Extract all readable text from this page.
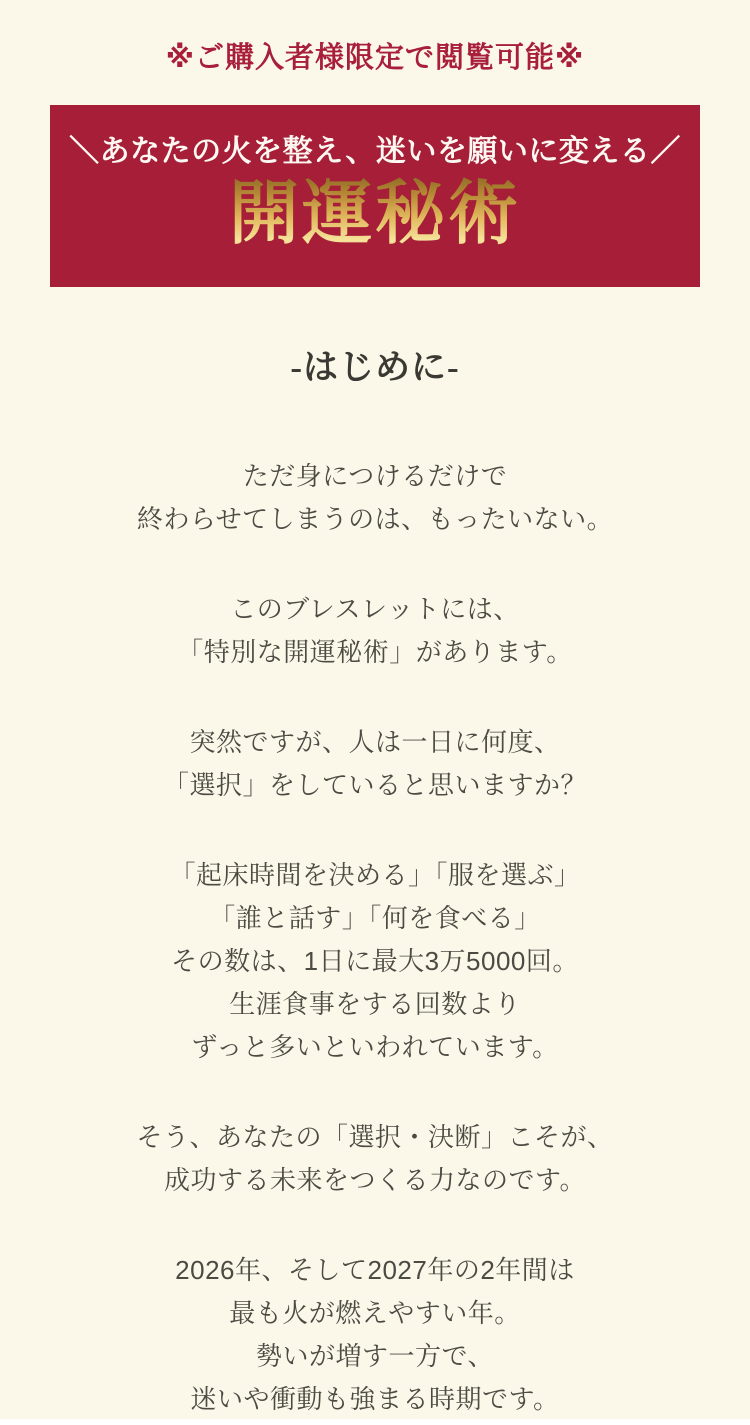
※ご購入者様限定で閲覧可能※
＼あなたの火を整え、迷いを願いに変える／
開運秘術
-はじめに-

ただ身につけるだけで
終わらせてしまうのは、もったいない。

このブレスレットには、
「特別な開運秘術」があります。

突然ですが、人は一日に何度、
「選択」をしていると思いますか？

「起床時間を決める」「服を選ぶ」
「誰と話す」「何を食べる」
その数は、1日に最大3万5000回。
生涯食事をする回数より
ずっと多いといわれています。

そう、あなたの「選択・決断」こそが、
成功する未来をつくる力なのです。

2026年、そして2027年の2年間は
最も火が燃えやすい年。
勢いが増す一方で、
迷いや衝動も強まる時期です。
